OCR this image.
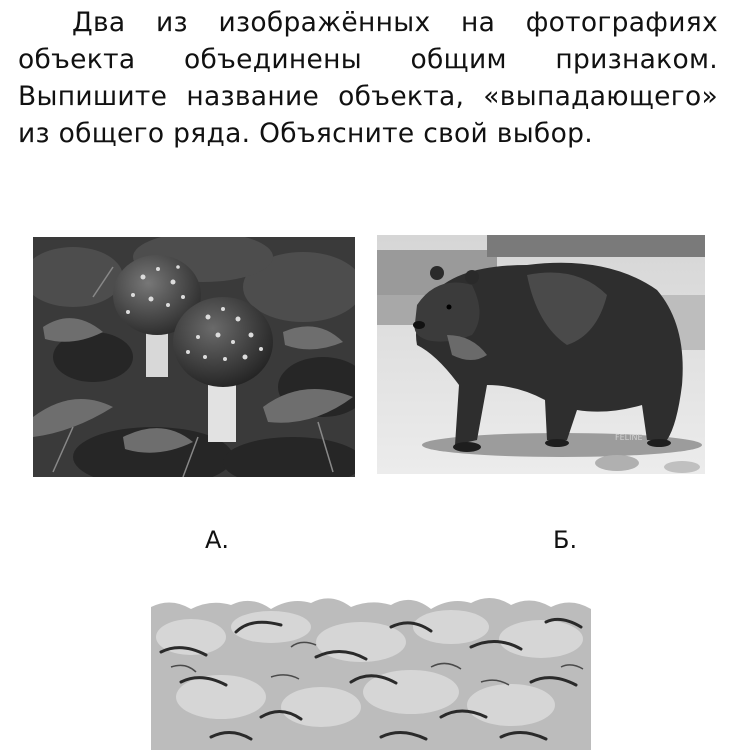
Два из изображённых на фотографиях объекта объединены общим признаком. Выпишите название объекта, «выпадающего» из общего ряда. Объясните свой выбор.

FELINE
А.	Б.
